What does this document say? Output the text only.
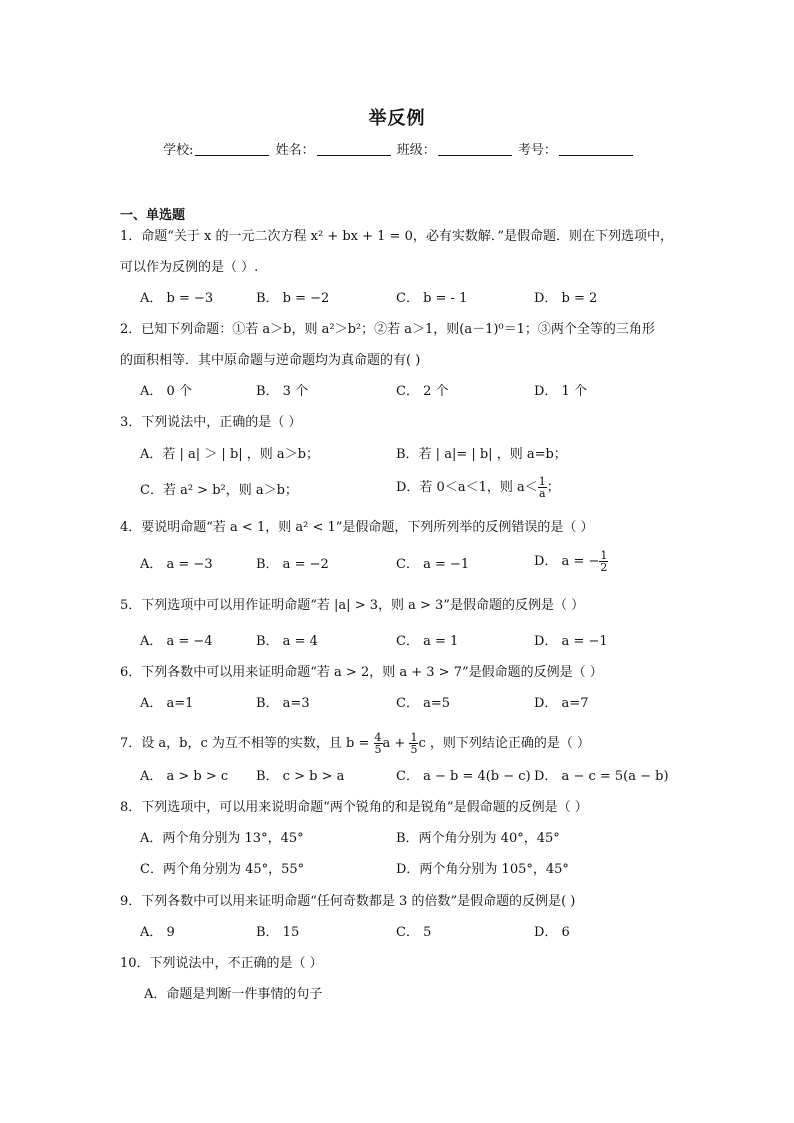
举反例
学校:	姓名：	班级：	考号：
一、单选题
1．命题“关于 x 的一元二次方程 x² + bx + 1 = 0，必有实数解．”是假命题．则在下列选项中，
可以作为反例的是（ ）.
A． b = −3	B． b = −2	C． b = - 1	D． b = 2
2．已知下列命题：①若 a＞b，则 a²＞b²；②若 a＞1，则(a－1)⁰＝1；③两个全等的三角形
的面积相等．其中原命题与逆命题均为真命题的有( )
A． 0 个	B． 3 个	C． 2 个	D． 1 个
3．下列说法中，正确的是（ ）
A．若 | a| ＞ | b| ，则 a＞b；	B．若 | a|= | b| ，则 a=b；
C．若 a² > b²，则 a＞b；	D．若 0＜a＜1，则 $a< \frac{1}{a}$ ；
4．要说明命题“若 a < 1，则 a² < 1”是假命题，下列所列举的反例错误的是（ ）
A． a = −3	B． a = −2	C． a = −1	D． a = − $\frac{1}{2}$
5．下列选项中可以用作证明命题“若 |a| > 3，则 a > 3”是假命题的反例是（ ）
A． a = −4	B． a = 4	C． a = 1	D． a = −1
6．下列各数中可以用来证明命题“若 a > 2，则 a + 3 > 7”是假命题的反例是（ ）
A． a=1	B． a=3	C． a=5	D． a=7
7．设 a，b，c 为互不相等的实数，且 $b = \frac{4}{5}$ $a + \frac{1}{5}$ c ，则下列结论正确的是（ ）
A． a > b > c B． c > b > a	C． a − b = 4(b − c) D． a − c = 5(a − b)
8．下列选项中，可以用来说明命题“两个锐角的和是锐角”是假命题的反例是（ ）
A．两个角分别为 13°，45°	B．两个角分别为 40°，45°
C．两个角分别为 45°，55°	D．两个角分别为 105°，45°
9．下列各数中可以用来证明命题“任何奇数都是 3 的倍数”是假命题的反例是( )
A． 9	B． 15	C． 5	D． 6
10．下列说法中，不正确的是（ ）
A．命题是判断一件事情的句子
